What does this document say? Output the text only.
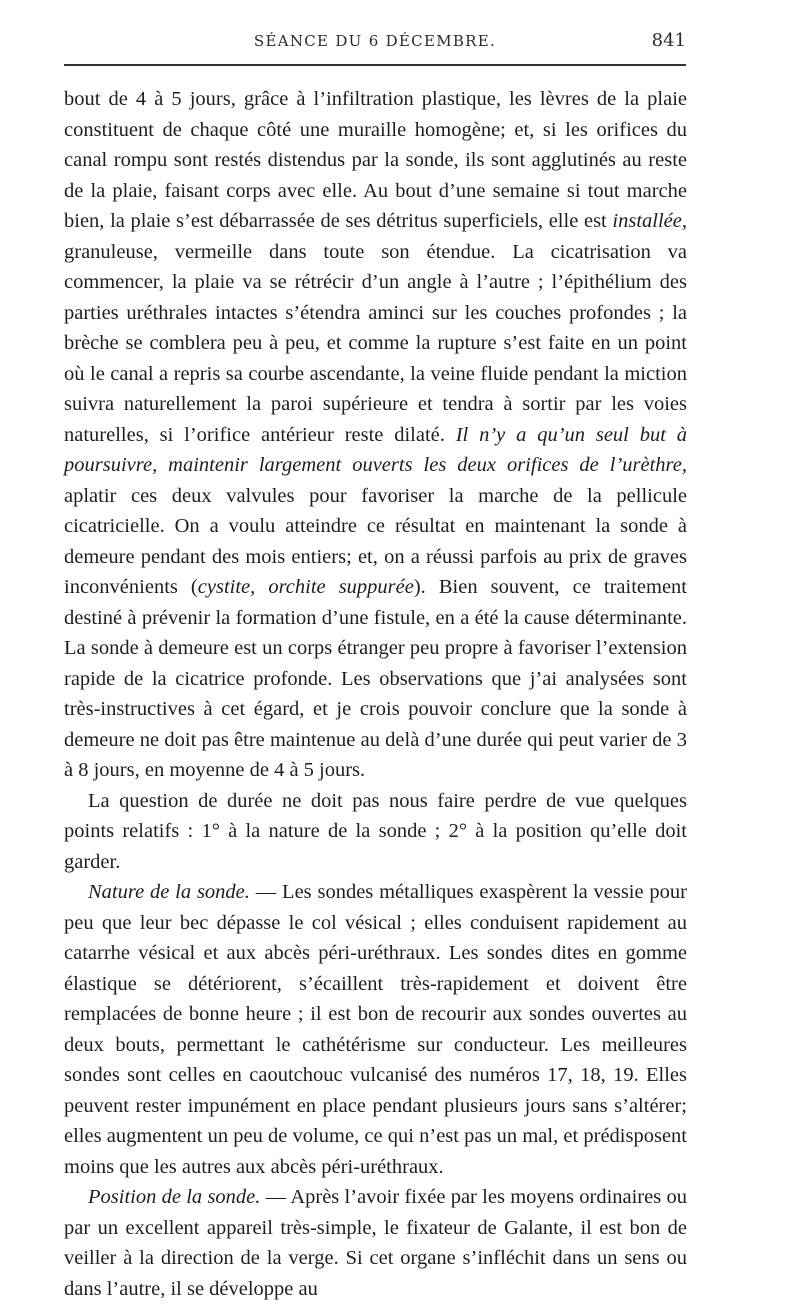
SÉANCE DU 6 DÉCEMBRE.	841

bout de 4 à 5 jours, grâce à l’infiltration plastique, les lèvres de la plaie constituent de chaque côté une muraille homogène; et, si les orifices du canal rompu sont restés distendus par la sonde, ils sont agglutinés au reste de la plaie, faisant corps avec elle. Au bout d’une semaine si tout marche bien, la plaie s’est débarrassée de ses détritus superficiels, elle est installée, granuleuse, vermeille dans toute son étendue. La cicatrisation va commencer, la plaie va se rétrécir d’un angle à l’autre ; l’épithélium des parties uréthrales intactes s’étendra aminci sur les couches profondes ; la brèche se comblera peu à peu, et comme la rupture s’est faite en un point où le canal a repris sa courbe ascendante, la veine fluide pendant la miction suivra naturellement la paroi supérieure et tendra à sortir par les voies naturelles, si l’orifice antérieur reste dilaté. Il n’y a qu’un seul but à poursuivre, maintenir largement ouverts les deux orifices de l’urèthre, aplatir ces deux valvules pour favoriser la marche de la pellicule cicatricielle. On a voulu atteindre ce résultat en maintenant la sonde à demeure pendant des mois entiers; et, on a réussi parfois au prix de graves inconvénients (cystite, orchite suppurée). Bien souvent, ce traitement destiné à prévenir la formation d’une fistule, en a été la cause déterminante. La sonde à demeure est un corps étranger peu propre à favoriser l’extension rapide de la cicatrice profonde. Les observations que j’ai analysées sont très-instructives à cet égard, et je crois pouvoir conclure que la sonde à demeure ne doit pas être maintenue au delà d’une durée qui peut varier de 3 à 8 jours, en moyenne de 4 à 5 jours.

La question de durée ne doit pas nous faire perdre de vue quelques points relatifs : 1° à la nature de la sonde ; 2° à la position qu’elle doit garder.

Nature de la sonde. — Les sondes métalliques exaspèrent la vessie pour peu que leur bec dépasse le col vésical ; elles conduisent rapidement au catarrhe vésical et aux abcès péri-uréthraux. Les sondes dites en gomme élastique se détériorent, s’écaillent très-rapidement et doivent être remplacées de bonne heure ; il est bon de recourir aux sondes ouvertes au deux bouts, permettant le cathétérisme sur conducteur. Les meilleures sondes sont celles en caoutchouc vulcanisé des numéros 17, 18, 19. Elles peuvent rester impunément en place pendant plusieurs jours sans s’altérer; elles augmentent un peu de volume, ce qui n’est pas un mal, et prédisposent moins que les autres aux abcès péri-uréthraux.

Position de la sonde. — Après l’avoir fixée par les moyens ordinaires ou par un excellent appareil très-simple, le fixateur de Galante, il est bon de veiller à la direction de la verge. Si cet organe s’infléchit dans un sens ou dans l’autre, il se développe au
